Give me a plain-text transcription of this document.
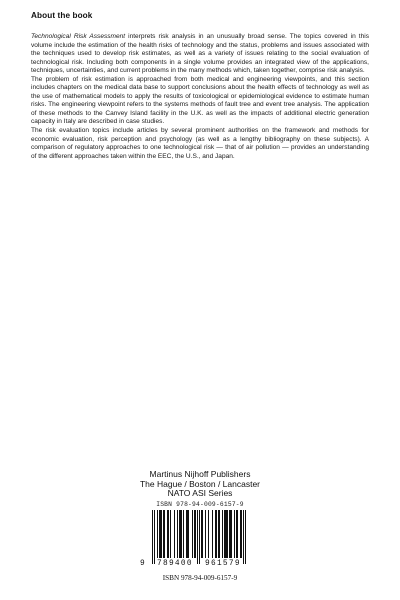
About the book

Technological Risk Assessment interprets risk analysis in an unusually broad sense. The topics covered in this volume include the estimation of the health risks of technology and the status, problems and issues associated with the techniques used to develop risk estimates, as well as a variety of issues relating to the social evaluation of technological risk. Including both components in a single volume provides an integrated view of the applications, techniques, uncertainties, and current problems in the many methods which, taken together, comprise risk analysis.

The problem of risk estimation is approached from both medical and engineering viewpoints, and this section includes chapters on the medical data base to support conclusions about the health effects of technology as well as the use of mathematical models to apply the results of toxicological or epidemiological evidence to estimate human risks. The engineering viewpoint refers to the systems methods of fault tree and event tree analysis. The application of these methods to the Canvey Island facility in the U.K. as well as the impacts of additional electric generation capacity in Italy are described in case studies.

The risk evaluation topics include articles by several prominent authorities on the framework and methods for economic evaluation, risk perception and psychology (as well as a lengthy bibliography on these subjects). A comparison of regulatory approaches to one technological risk — that of air pollution — provides an understanding of the different approaches taken within the EEC, the U.S., and Japan.

Martinus Nijhoff Publishers
The Hague / Boston / Lancaster
NATO ASI Series
ISBN 978-94-009-6157-9
9 789400 961579
ISBN 978-94-009-6157-9
